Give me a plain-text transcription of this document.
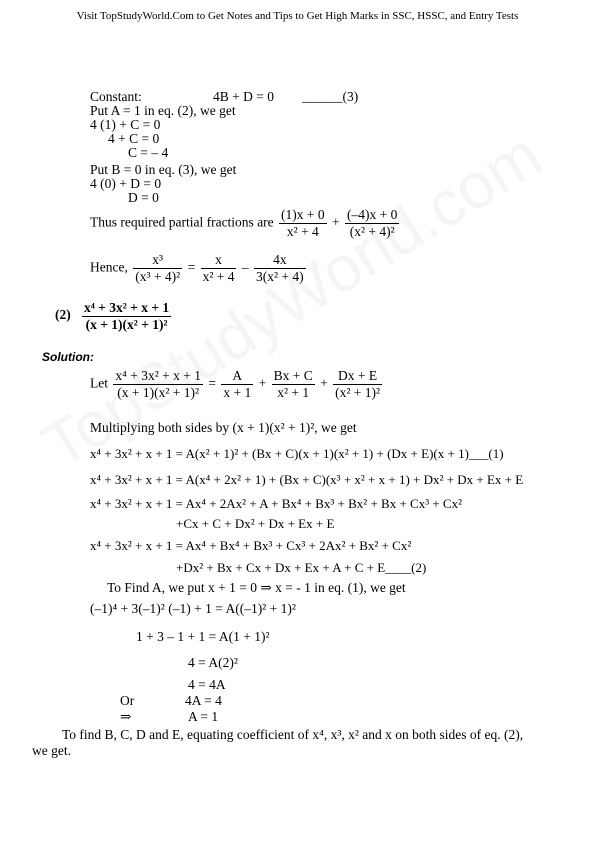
Visit TopStudyWorld.Com to Get Notes and Tips to Get High Marks in SSC, HSSC, and Entry Tests
Constant:	4B + D = 0 ______(3)
Put A = 1 in eq. (2), we get
4 (1) + C = 0
4 + C = 0
C = – 4
Put B = 0 in eq. (3), we get
4 (0) + D = 0
D = 0
Thus required partial fractions are $\frac{(1)x + 0}{\text{x² + 4}} + \frac{(-4)x + 0}{\text{(x² + 4)²}}$
Hence, $\frac{\text{x³}}{\text{(x³ + 4)²}} = \frac{x}{\text{x² + 4}} - \frac{4x}{\text{3(x² + 4)}}$
$(2) \frac{\text{x⁴ + 3x² + x + 1}}{\text{(x + 1)(x² + 1)²}}$
Solution:
Let $\frac{\text{x⁴ + 3x² + x + 1}}{\text{(x + 1)(x² + 1)²}} = \frac{A}{x + 1} + \frac{Bx + C}{\text{x² + 1}} + \frac{Dx + E}{\text{(x² + 1)²}}$
Multiplying both sides by (x + 1)(x² + 1)², we get
x⁴ + 3x² + x + 1 = A(x² + 1)² + (Bx + C)(x + 1)(x² + 1) + (Dx + E)(x + 1)___(1)
x⁴ + 3x² + x + 1 = A(x⁴ + 2x² + 1) + (Bx + C)(x³ + x² + x + 1) + Dx² + Dx + Ex + E
x⁴ + 3x² + x + 1 = Ax⁴ + 2Ax² + A + Bx⁴ + Bx³ + Bx² + Bx + Cx³ + Cx²
+Cx + C + Dx² + Dx + Ex + E
x⁴ + 3x² + x + 1 = Ax⁴ + Bx⁴ + Bx³ + Cx³ + 2Ax² + Bx² + Cx²
+Dx² + Bx + Cx + Dx + Ex + A + C + E____(2)
To Find A, we put x + 1 = 0 ⇒ x = - 1 in eq. (1), we get
(–1)⁴ + 3(–1)² (–1) + 1 = A((–1)² + 1)²
1 + 3 – 1 + 1 = A(1 + 1)²
4 = A(2)²
4 = 4A
Or	4A = 4
⇒	A = 1
To find B, C, D and E, equating coefficient of x⁴, x³, x² and x on both sides of eq. (2),
we get.
